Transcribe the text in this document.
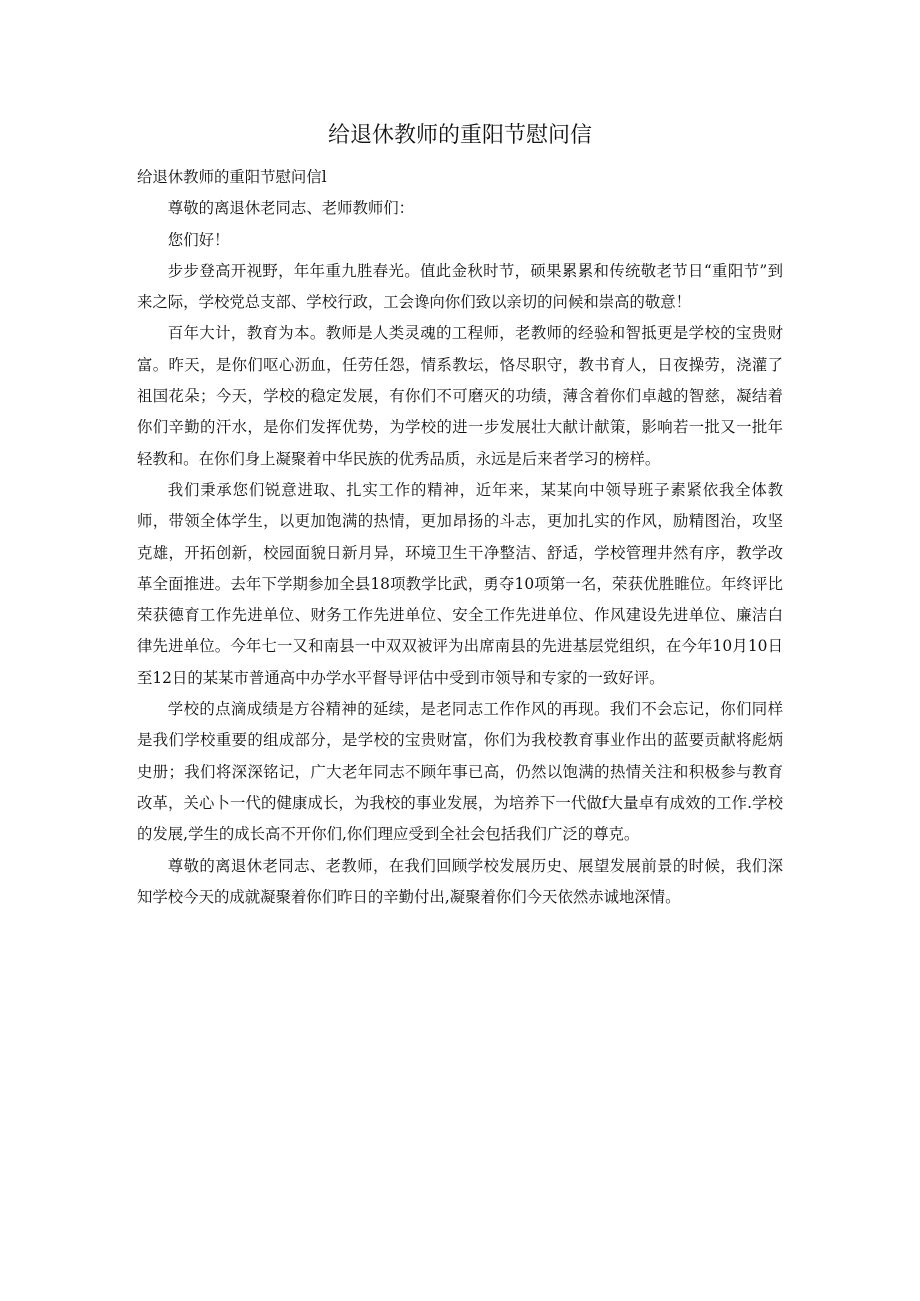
给退休教师的重阳节慰问信

给退休教师的重阳节慰问信l

尊敬的离退休老同志、老师教师们：

您们好！

步步登高开视野，年年重九胜春光。值此金秋时节，硕果累累和传统敬老节日“重阳节”到来之际，学校党总支部、学校行政，工会谗向你们致以亲切的问候和崇高的敬意！

百年大计，教育为本。教师是人类灵魂的工程师，老教师的经验和智抵更是学校的宝贵财富。昨天，是你们呕心沥血，任劳任怨，情系教坛，恪尽职守，教书育人，日夜操劳，浇灌了祖国花朵；今天，学校的稳定发展，有你们不可磨灭的功绩，薄含着你们卓越的智慈，凝结着你们辛勤的汗水，是你们发挥优势，为学校的进一步发展壮大献计献策，影响若一批又一批年轻教和。在你们身上凝聚着中华民族的优秀品质，永远是后来者学习的榜样。

我们秉承您们锐意进取、扎实工作的精神，近年来，某某向中领导班子素紧依我全体教师，带领全体学生，以更加饱满的热情，更加昂扬的斗志，更加扎实的作风，励精图治，攻坚克雄，开拓创新，校园面貌日新月异，环境卫生干净整洁、舒适，学校管理井然有序，教学改革全面推进。去年下学期参加全县18项教学比武，勇夺10项第一名，荣获优胜睢位。年终评比荣获德育工作先进单位、财务工作先进单位、安全工作先进单位、作风建设先进单位、廉洁白律先进单位。今年七一又和南县一中双双被评为出席南县的先进基层党组织，在今年10月10日至12日的某某市普通高中办学水平督导评估中受到市领导和专家的一致好评。

学校的点滴成绩是方谷精神的延续，是老同志工作作风的再现。我们不会忘记，你们同样是我们学校重要的组成部分，是学校的宝贵财富，你们为我校教育事业作出的蓝要贡献将彪炳史册；我们将深深铭记，广大老年同志不顾年事已高，仍然以饱满的热情关注和积极参与教育改革，关心卜一代的健康成长，为我校的事业发展，为培养下一代做f大量卓有成效的工作.学校的发展,学生的成长高不开你们,你们理应受到全社会包括我们广泛的尊克。

尊敬的离退休老同志、老教师，在我们回顾学校发展历史、展望发展前景的时候，我们深知学校今天的成就凝聚着你们昨日的辛勤付出,凝聚着你们今天依然赤诚地深情。
